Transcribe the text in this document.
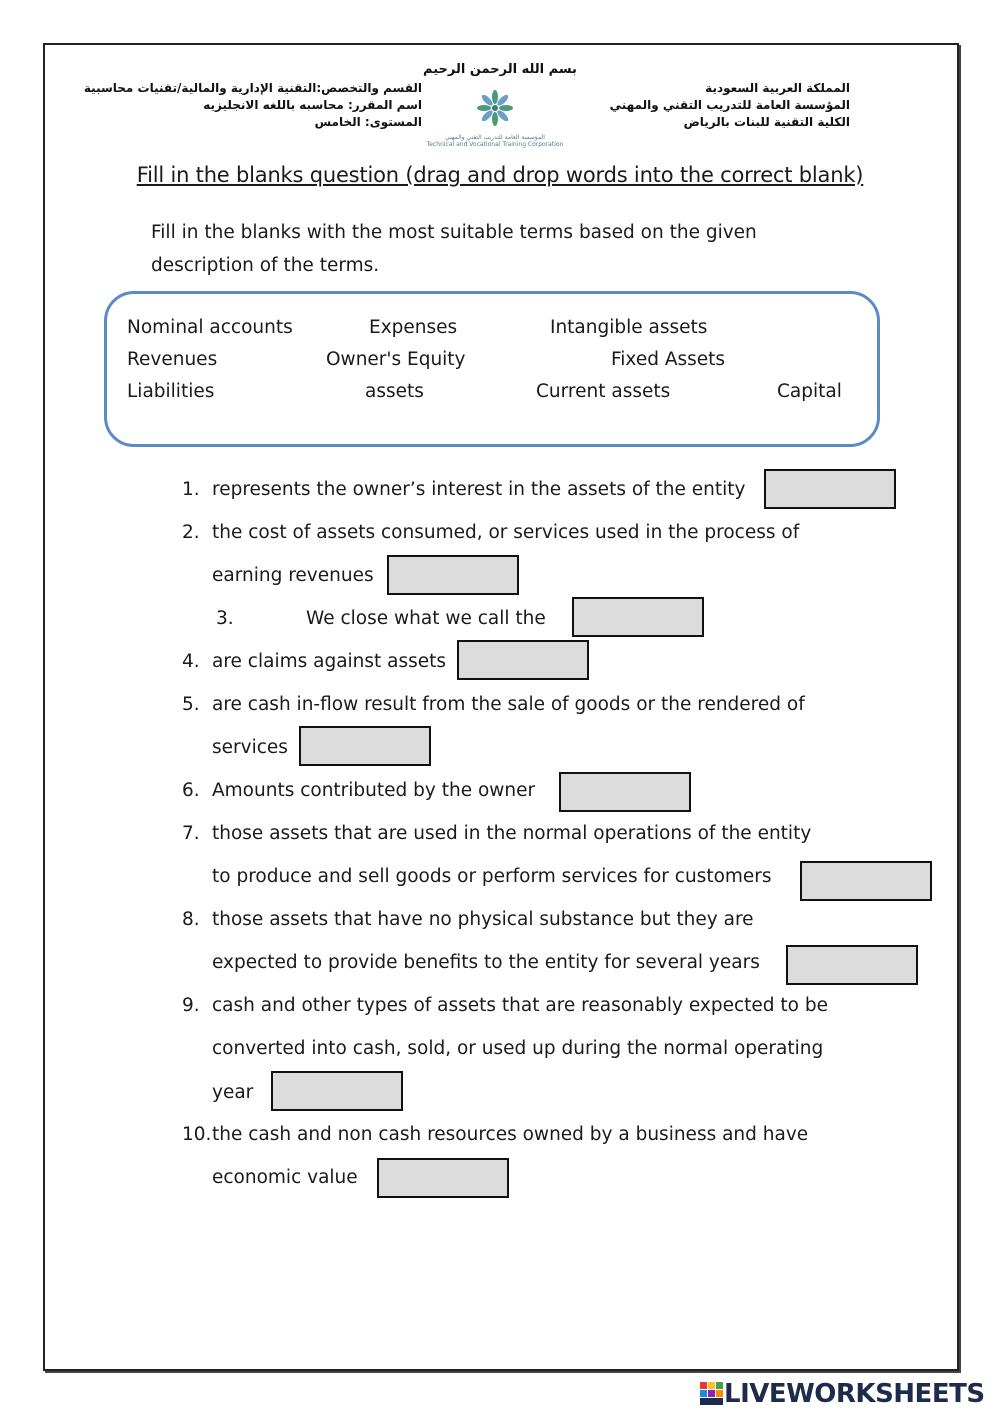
بسم الله الرحمن الرحيم
المملكة العربية السعودية
المؤسسة العامة للتدريب التقني والمهني
الكلية التقنية للبنات بالرياض
القسم والتخصص:التقنية الإدارية والمالية/تقنيات محاسبية
اسم المقرر: محاسبه باللغه الانجليزيه
المستوى: الخامس
المؤسسة العامة للتدريب التقني والمهني
Technical and Vocational Training Corporation
Fill in the blanks question (drag and drop words into the correct blank)
Fill in the blanks with the most suitable terms based on the given description of the terms.
Nominal accounts	Expenses	Intangible assets
Revenues	Owner's Equity	Fixed Assets
Liabilities	assets	Current assets	Capital
1. represents the owner’s interest in the assets of the entity
2. the cost of assets consumed, or services used in the process of
earning revenues
3.	We close what we call the
4. are claims against assets
5. are cash in-flow result from the sale of goods or the rendered of
services
6. Amounts contributed by the owner
7. those assets that are used in the normal operations of the entity
to produce and sell goods or perform services for customers
8. those assets that have no physical substance but they are
expected to provide benefits to the entity for several years
9. cash and other types of assets that are reasonably expected to be
converted into cash, sold, or used up during the normal operating
year
10. the cash and non cash resources owned by a business and have
economic value
LIVEWORKSHEETS
